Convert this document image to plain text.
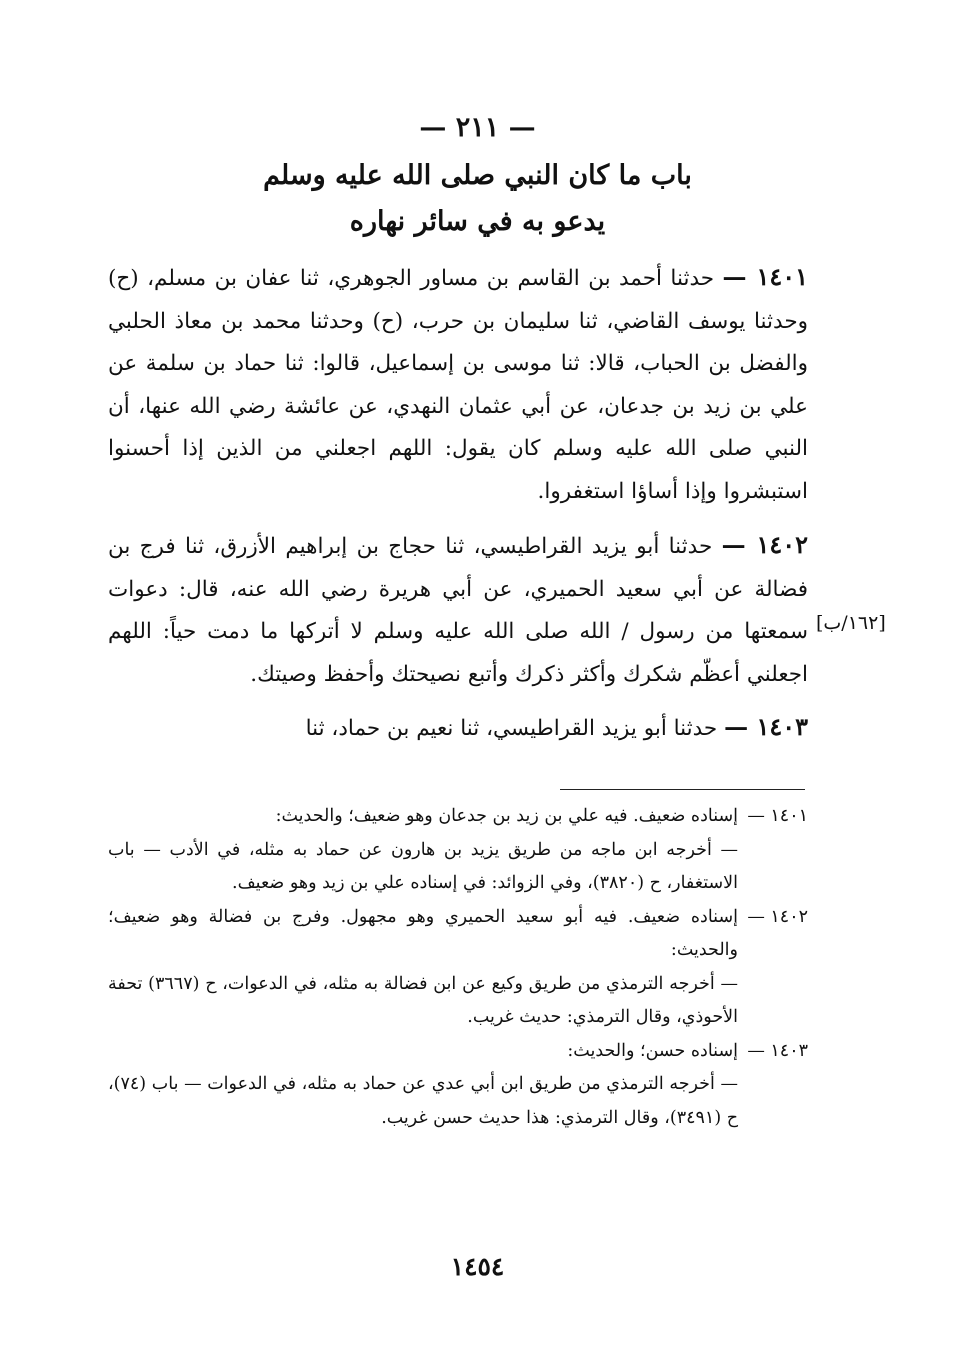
— ٢١١ —
باب ما كان النبي صلى الله عليه وسلم
يدعو به في سائر نهاره
١٤٠١ — حدثنا أحمد بن القاسم بن مساور الجوهري، ثنا عفان بن مسلم، (ح) وحدثنا يوسف القاضي، ثنا سليمان بن حرب، (ح) وحدثنا محمد بن معاذ الحلبي والفضل بن الحباب، قالا: ثنا موسى بن إسماعيل، قالوا: ثنا حماد بن سلمة عن علي بن زيد بن جدعان، عن أبي عثمان النهدي، عن عائشة رضي الله عنها، أن النبي صلى الله عليه وسلم كان يقول: اللهم اجعلني من الذين إذا أحسنوا استبشروا وإذا أساؤا استغفروا.
١٤٠٢ — حدثنا أبو يزيد القراطيسي، ثنا حجاج بن إبراهيم الأزرق، ثنا فرج بن فضالة عن أبي سعيد الحميري، عن أبي هريرة رضي الله عنه، قال: دعوات سمعتها من رسول / الله صلى الله عليه وسلم لا أتركها ما دمت حياً: اللهم اجعلني أعظّم شكرك وأكثر ذكرك وأتبع نصيحتك وأحفظ وصيتك.
١٤٠٣ — حدثنا أبو يزيد القراطيسي، ثنا نعيم بن حماد، ثنا
[١٦٢/ب]
١٤٠١ —

إسناده ضعيف. فيه علي بن زيد بن جدعان وهو ضعيف؛ والحديث:

— أخرجه ابن ماجه من طريق يزيد بن هارون عن حماد به مثله، في الأدب — باب الاستغفار، ح (٣٨٢٠)، وفي الزوائد: في إسناده علي بن زيد وهو ضعيف.

١٤٠٢ —

إسناده ضعيف. فيه أبو سعيد الحميري وهو مجهول. وفرج بن فضالة وهو ضعيف؛ والحديث:

— أخرجه الترمذي من طريق وكيع عن ابن فضالة به مثله، في الدعوات، ح (٣٦٦٧) تحفة الأحوذي، وقال الترمذي: حديث غريب.

١٤٠٣ —

إسناده حسن؛ والحديث:

— أخرجه الترمذي من طريق ابن أبي عدي عن حماد به مثله، في الدعوات — باب (٧٤)، ح (٣٤٩١)، وقال الترمذي: هذا حديث حسن غريب.

١٤٥٤
